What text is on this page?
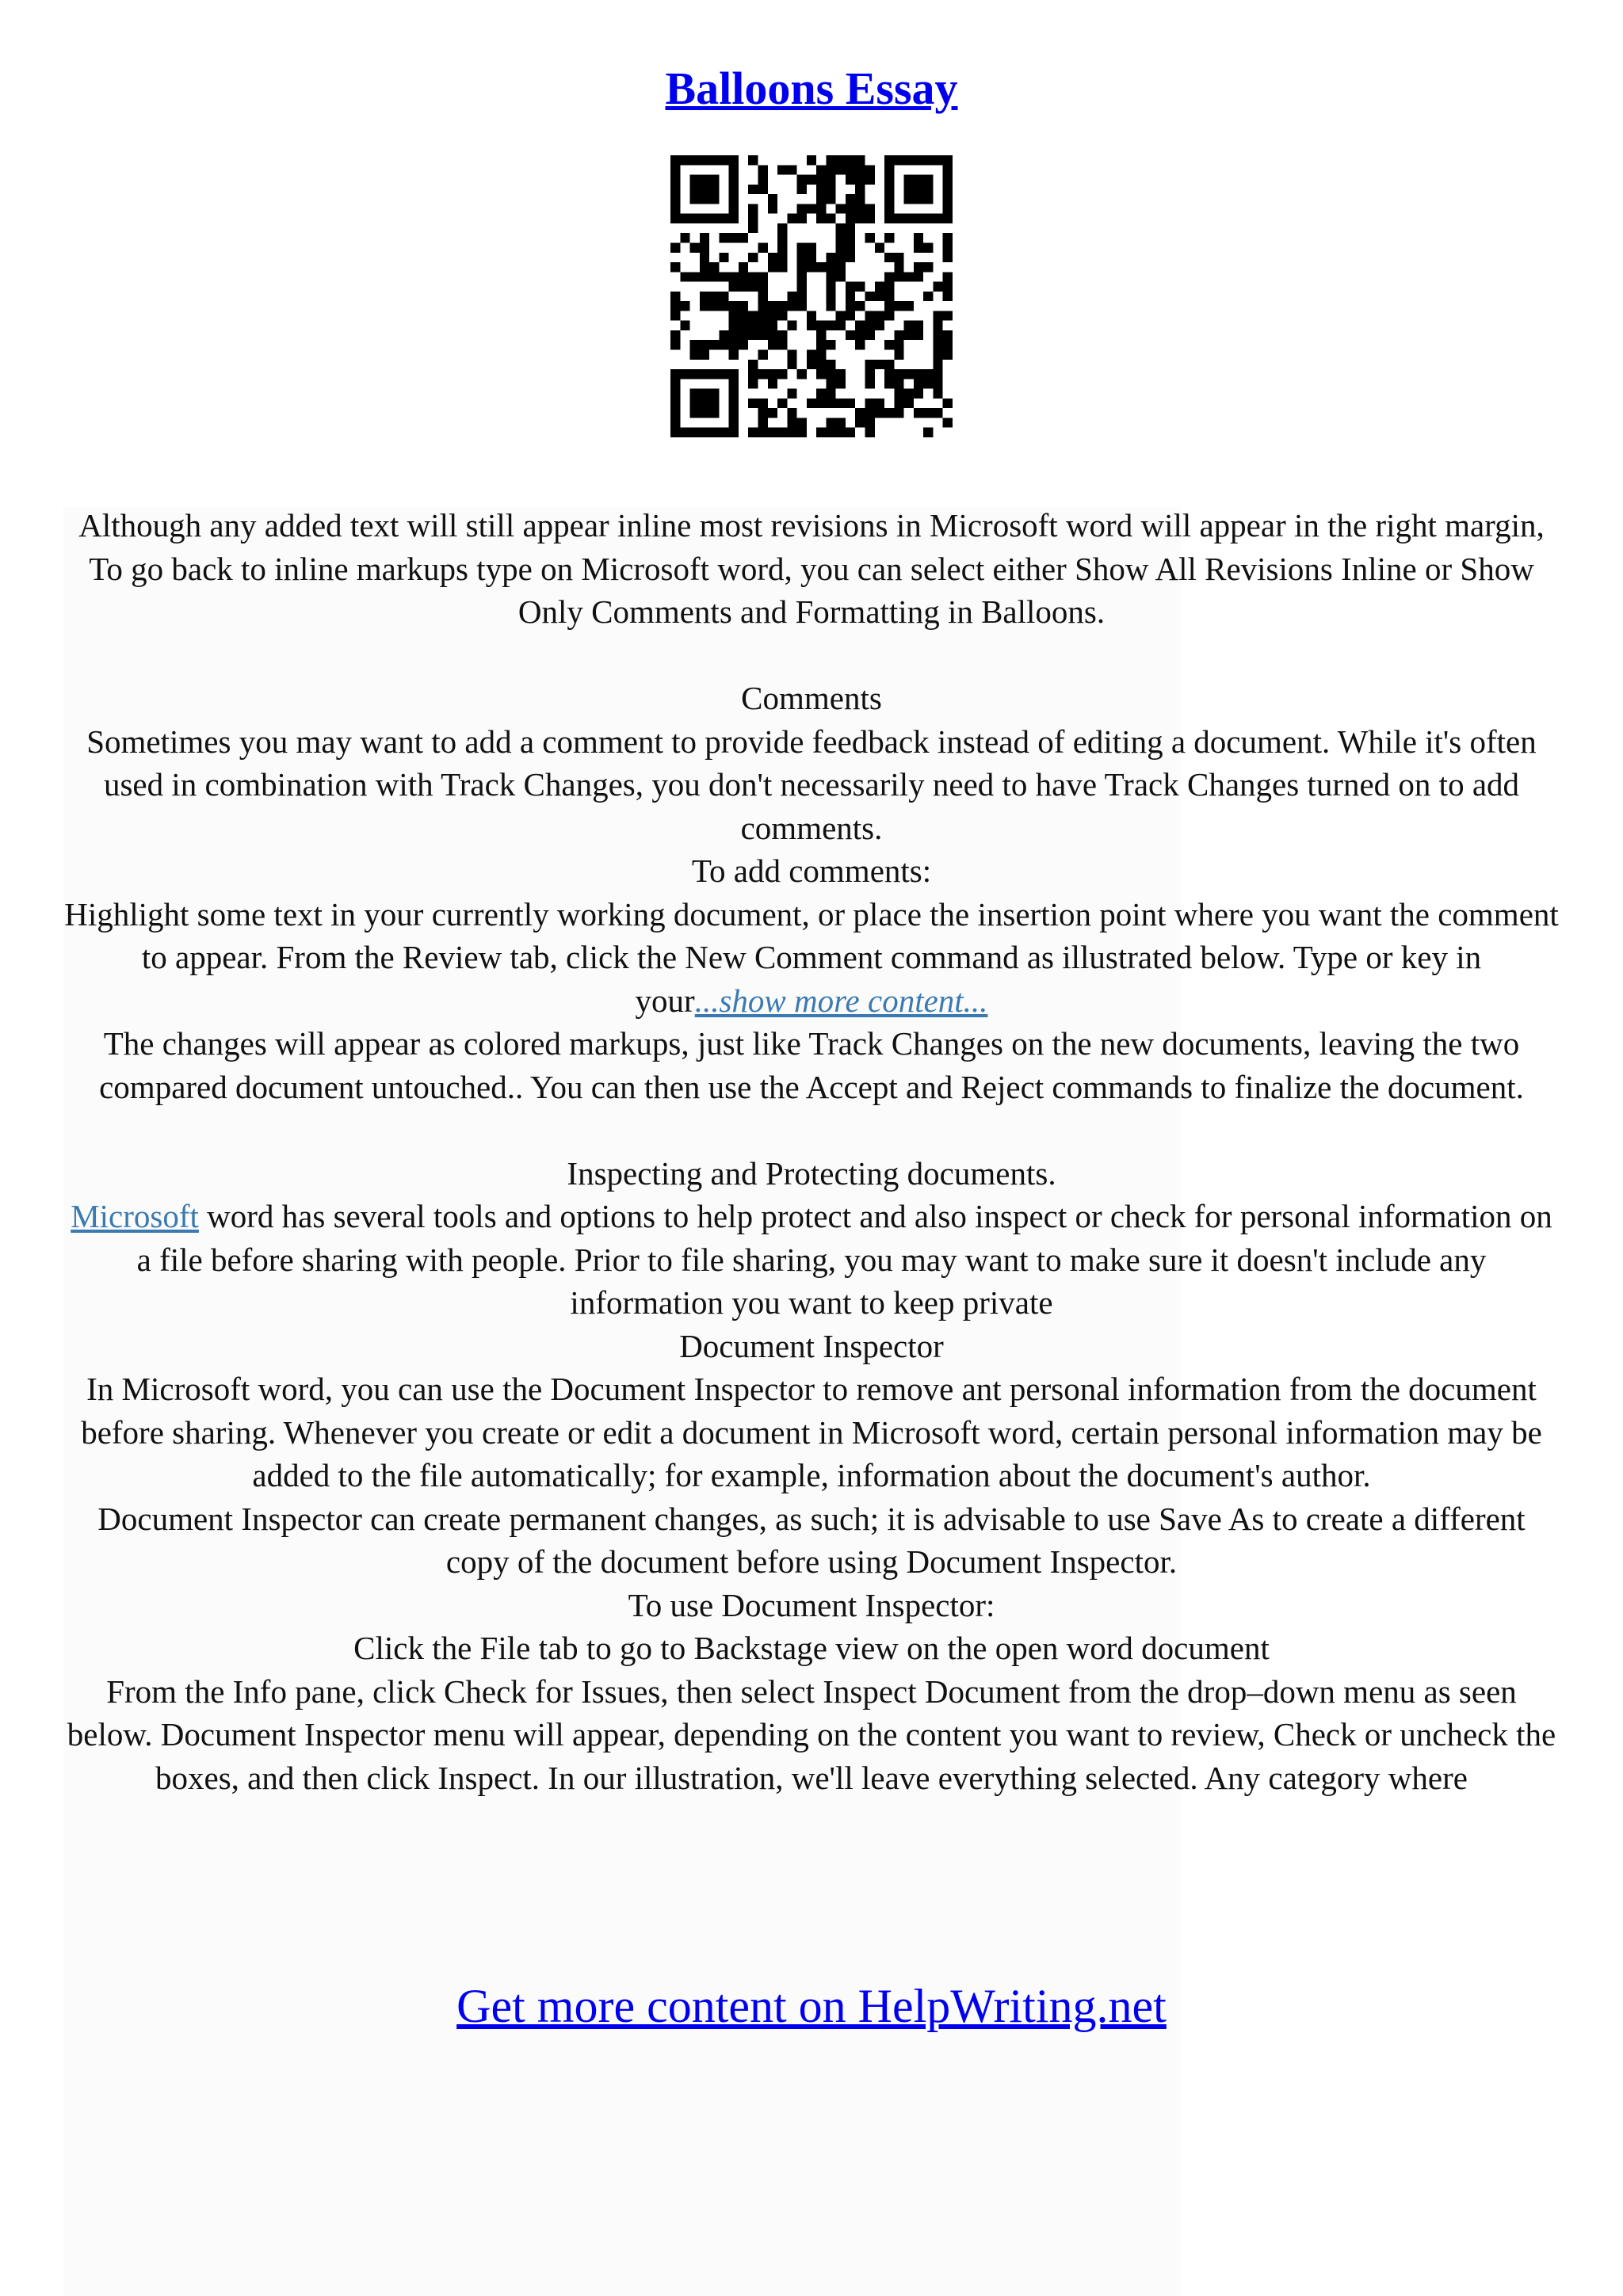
Balloons Essay

Although any added text will still appear inline most revisions in Microsoft word will appear in the right margin, To go back to inline markups type on Microsoft word, you can select either Show All Revisions Inline or Show Only Comments and Formatting in Balloons.

Comments

Sometimes you may want to add a comment to provide feedback instead of editing a document. While it's often used in combination with Track Changes, you don't necessarily need to have Track Changes turned on to add comments.

To add comments:

Highlight some text in your currently working document, or place the insertion point where you want the comment to appear. From the Review tab, click the New Comment command as illustrated below. Type or key in your...show more content...

The changes will appear as colored markups, just like Track Changes on the new documents, leaving the two compared document untouched.. You can then use the Accept and Reject commands to finalize the document.

Inspecting and Protecting documents.

Microsoft word has several tools and options to help protect and also inspect or check for personal information on a file before sharing with people. Prior to file sharing, you may want to make sure it doesn't include any information you want to keep private

Document Inspector

In Microsoft word, you can use the Document Inspector to remove ant personal information from the document before sharing. Whenever you create or edit a document in Microsoft word, certain personal information may be added to the file automatically; for example, information about the document's author.

Document Inspector can create permanent changes, as such; it is advisable to use Save As to create a different copy of the document before using Document Inspector.

To use Document Inspector:

Click the File tab to go to Backstage view on the open word document

From the Info pane, click Check for Issues, then select Inspect Document from the drop–down menu as seen below. Document Inspector menu will appear, depending on the content you want to review, Check or uncheck the boxes, and then click Inspect. In our illustration, we'll leave everything selected. Any category where

Get more content on HelpWriting.net
